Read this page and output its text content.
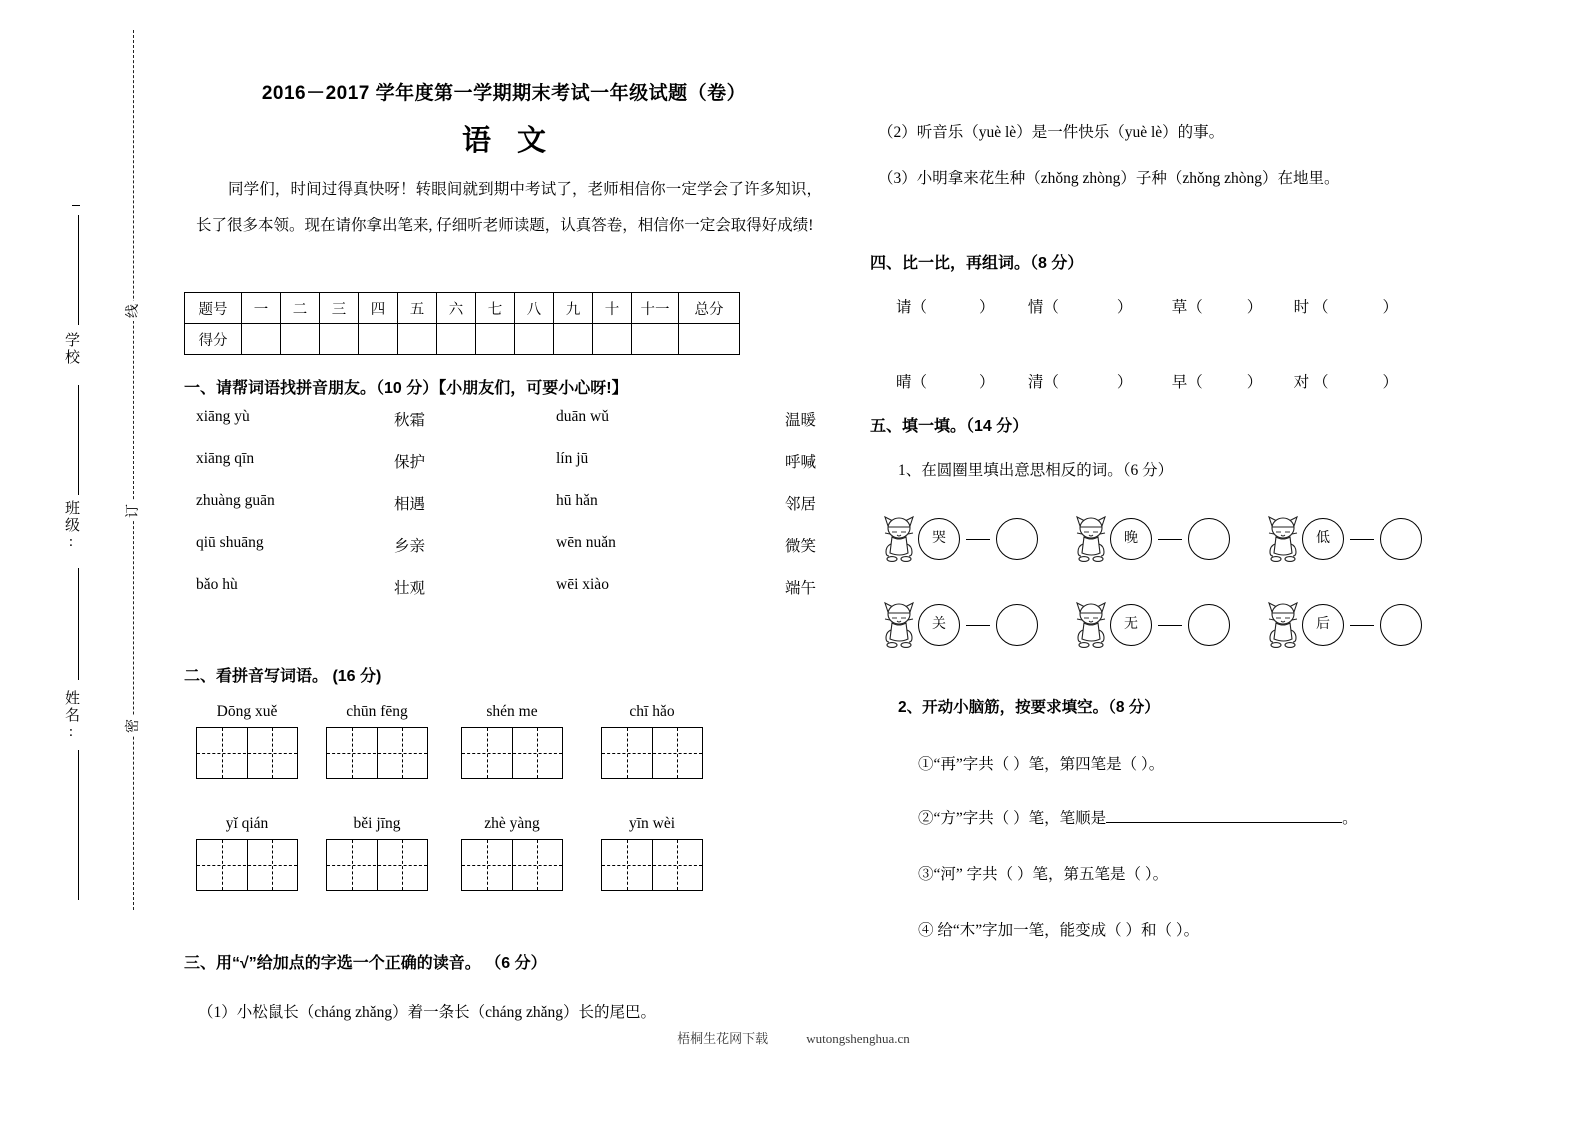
线
订
密
学校
班级:
姓名:
2016－2017 学年度第一学期期末考试一年级试题（卷）
语文
同学们，时间过得真快呀！转眼间就到期中考试了，老师相信你一定学会了许多知识，长了很多本领。现在请你拿出笔来, 仔细听老师读题，认真答卷，相信你一定会取得好成绩!
题号	一	二	三	四	五	六	七	八	九	十	十一	总分
得分												
一、请帮词语找拼音朋友。（10 分）【小朋友们，可要小心呀!】
xiāng yù	秋霜	duān wǔ	温暖
xiāng qīn	保护	lín jū	呼喊
zhuàng guān	相遇	hū hǎn	邻居
qiū shuāng	乡亲	wēn nuǎn	微笑
bǎo hù	壮观	wēi xiào	端午
二、看拼音写词语。 (16 分)
Dōng xuě	chūn fēng	shén me	chī hǎo
yǐ qián	běi jīng	zhè yàng	yīn wèi
三、用“√”给加点的字选一个正确的读音。 （6 分）
（1）小松鼠长（cháng zhǎng）着一条长（cháng zhǎng）长的尾巴。
（2）听音乐（yuè lè）是一件快乐（yuè lè）的事。
（3）小明拿来花生种（zhǒng zhòng）子种（zhǒng zhòng）在地里。
四、比一比，再组词。（8 分）
请（	） 情（	）	草（	） 时 （	）
晴（	） 清（	）	早（	） 对 （	）
五、填一填。（14 分）
1、在圆圈里填出意思相反的词。（6 分）
哭	晚	低
关	无	后
2、开动小脑筋，按要求填空。（8 分）
①“再”字共（ ）笔，第四笔是（ ）。
②“方”字共（ ）笔，笔顺是	。
③“河” 字共（ ）笔，第五笔是（ ）。
④ 给“木”字加一笔，能变成（ ）和（ ）。
梧桐生花网下载	wutongshenghua.cn
